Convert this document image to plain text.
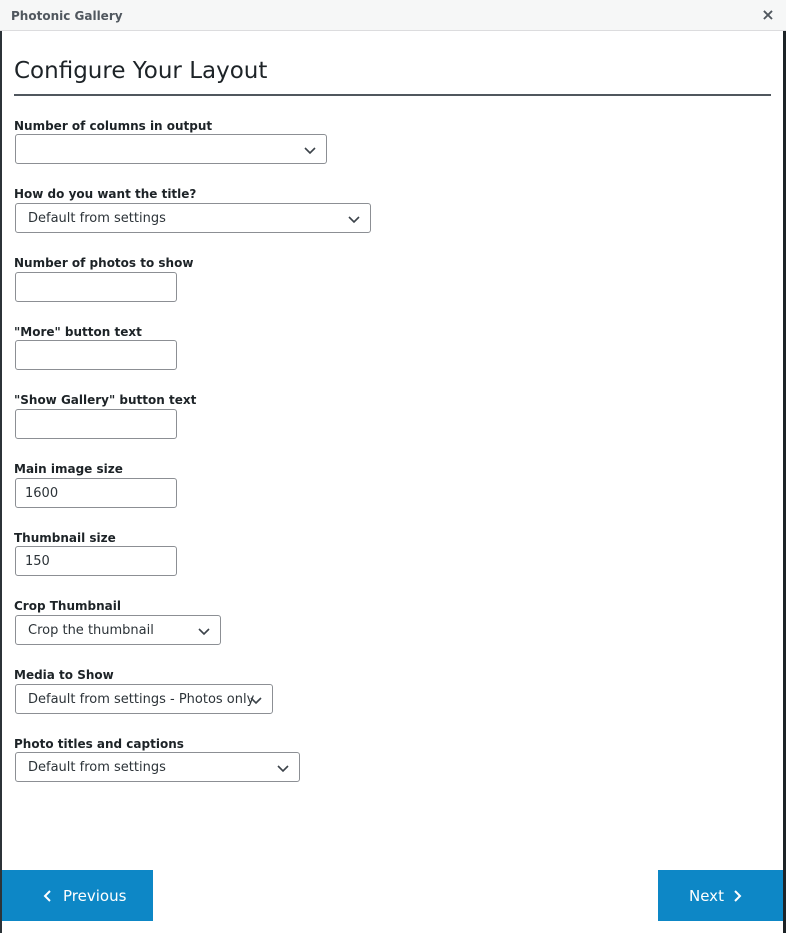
Photonic Gallery	×
Configure Your Layout
Number of columns in output
How do you want the title?
Default from settings
Number of photos to show
"More" button text
"Show Gallery" button text
Main image size
1600
Thumbnail size
150
Crop Thumbnail
Crop the thumbnail
Media to Show
Default from settings - Photos only
Photo titles and captions
Default from settings
Previous	Next
